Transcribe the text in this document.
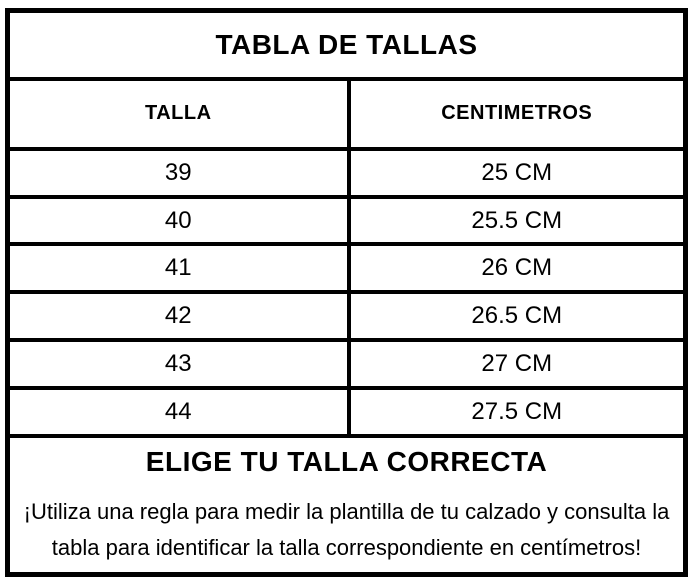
TABLA DE TALLAS
TALLA	CENTIMETROS
39	25 CM
40	25.5 CM
41	26 CM
42	26.5 CM
43	27 CM
44	27.5 CM
ELIGE TU TALLA CORRECTA
¡Utiliza una regla para medir la plantilla de tu calzado y consulta la tabla para identificar la talla correspondiente en centímetros!
